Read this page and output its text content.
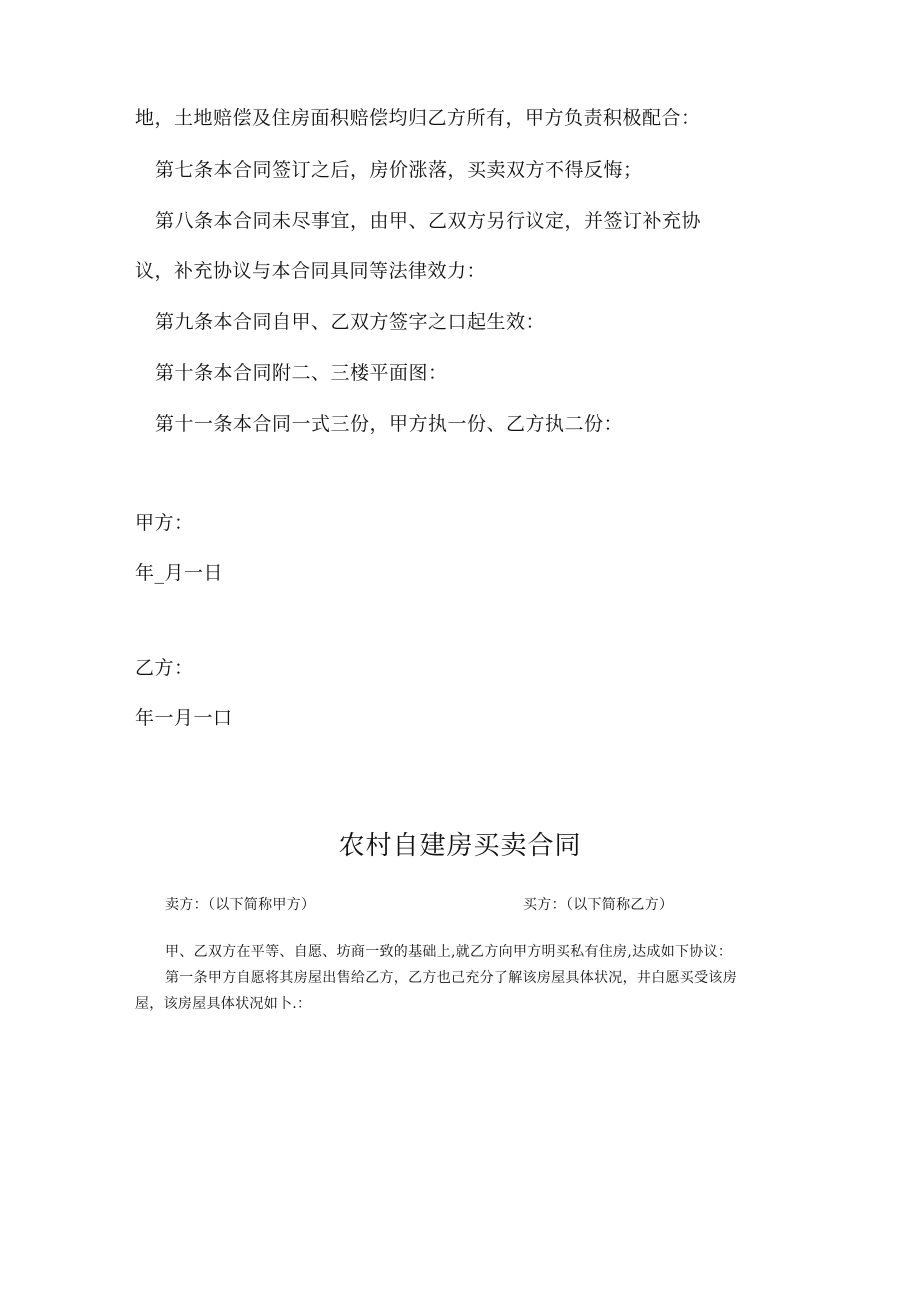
地，土地赔偿及住房面积赔偿均归乙方所有，甲方负责积极配合：
第七条本合同签订之后，房价涨落，买卖双方不得反悔；
第八条本合同未尽事宜，由甲、乙双方另行议定，并签订补充协
议，补充协议与本合同具同等法律效力：
第九条本合同自甲、乙双方签字之口起生效：
第十条本合同附二、三楼平面图：
第十一条本合同一式三份，甲方执一份、乙方执二份：
甲方：
年_月一日
乙方：
年一月一口
农村自建房买卖合同
卖方：（以下简称甲方）	买方：（以下简称乙方）
甲、乙双方在平等、自愿、坊商一致的基础上,就乙方向甲方明买私有住房,达成如下协议：
第一条甲方自愿将其房屋出售给乙方，乙方也己充分了解该房屋具体状况，井白愿买受该房
屋，该房屋具体状况如卜.：
